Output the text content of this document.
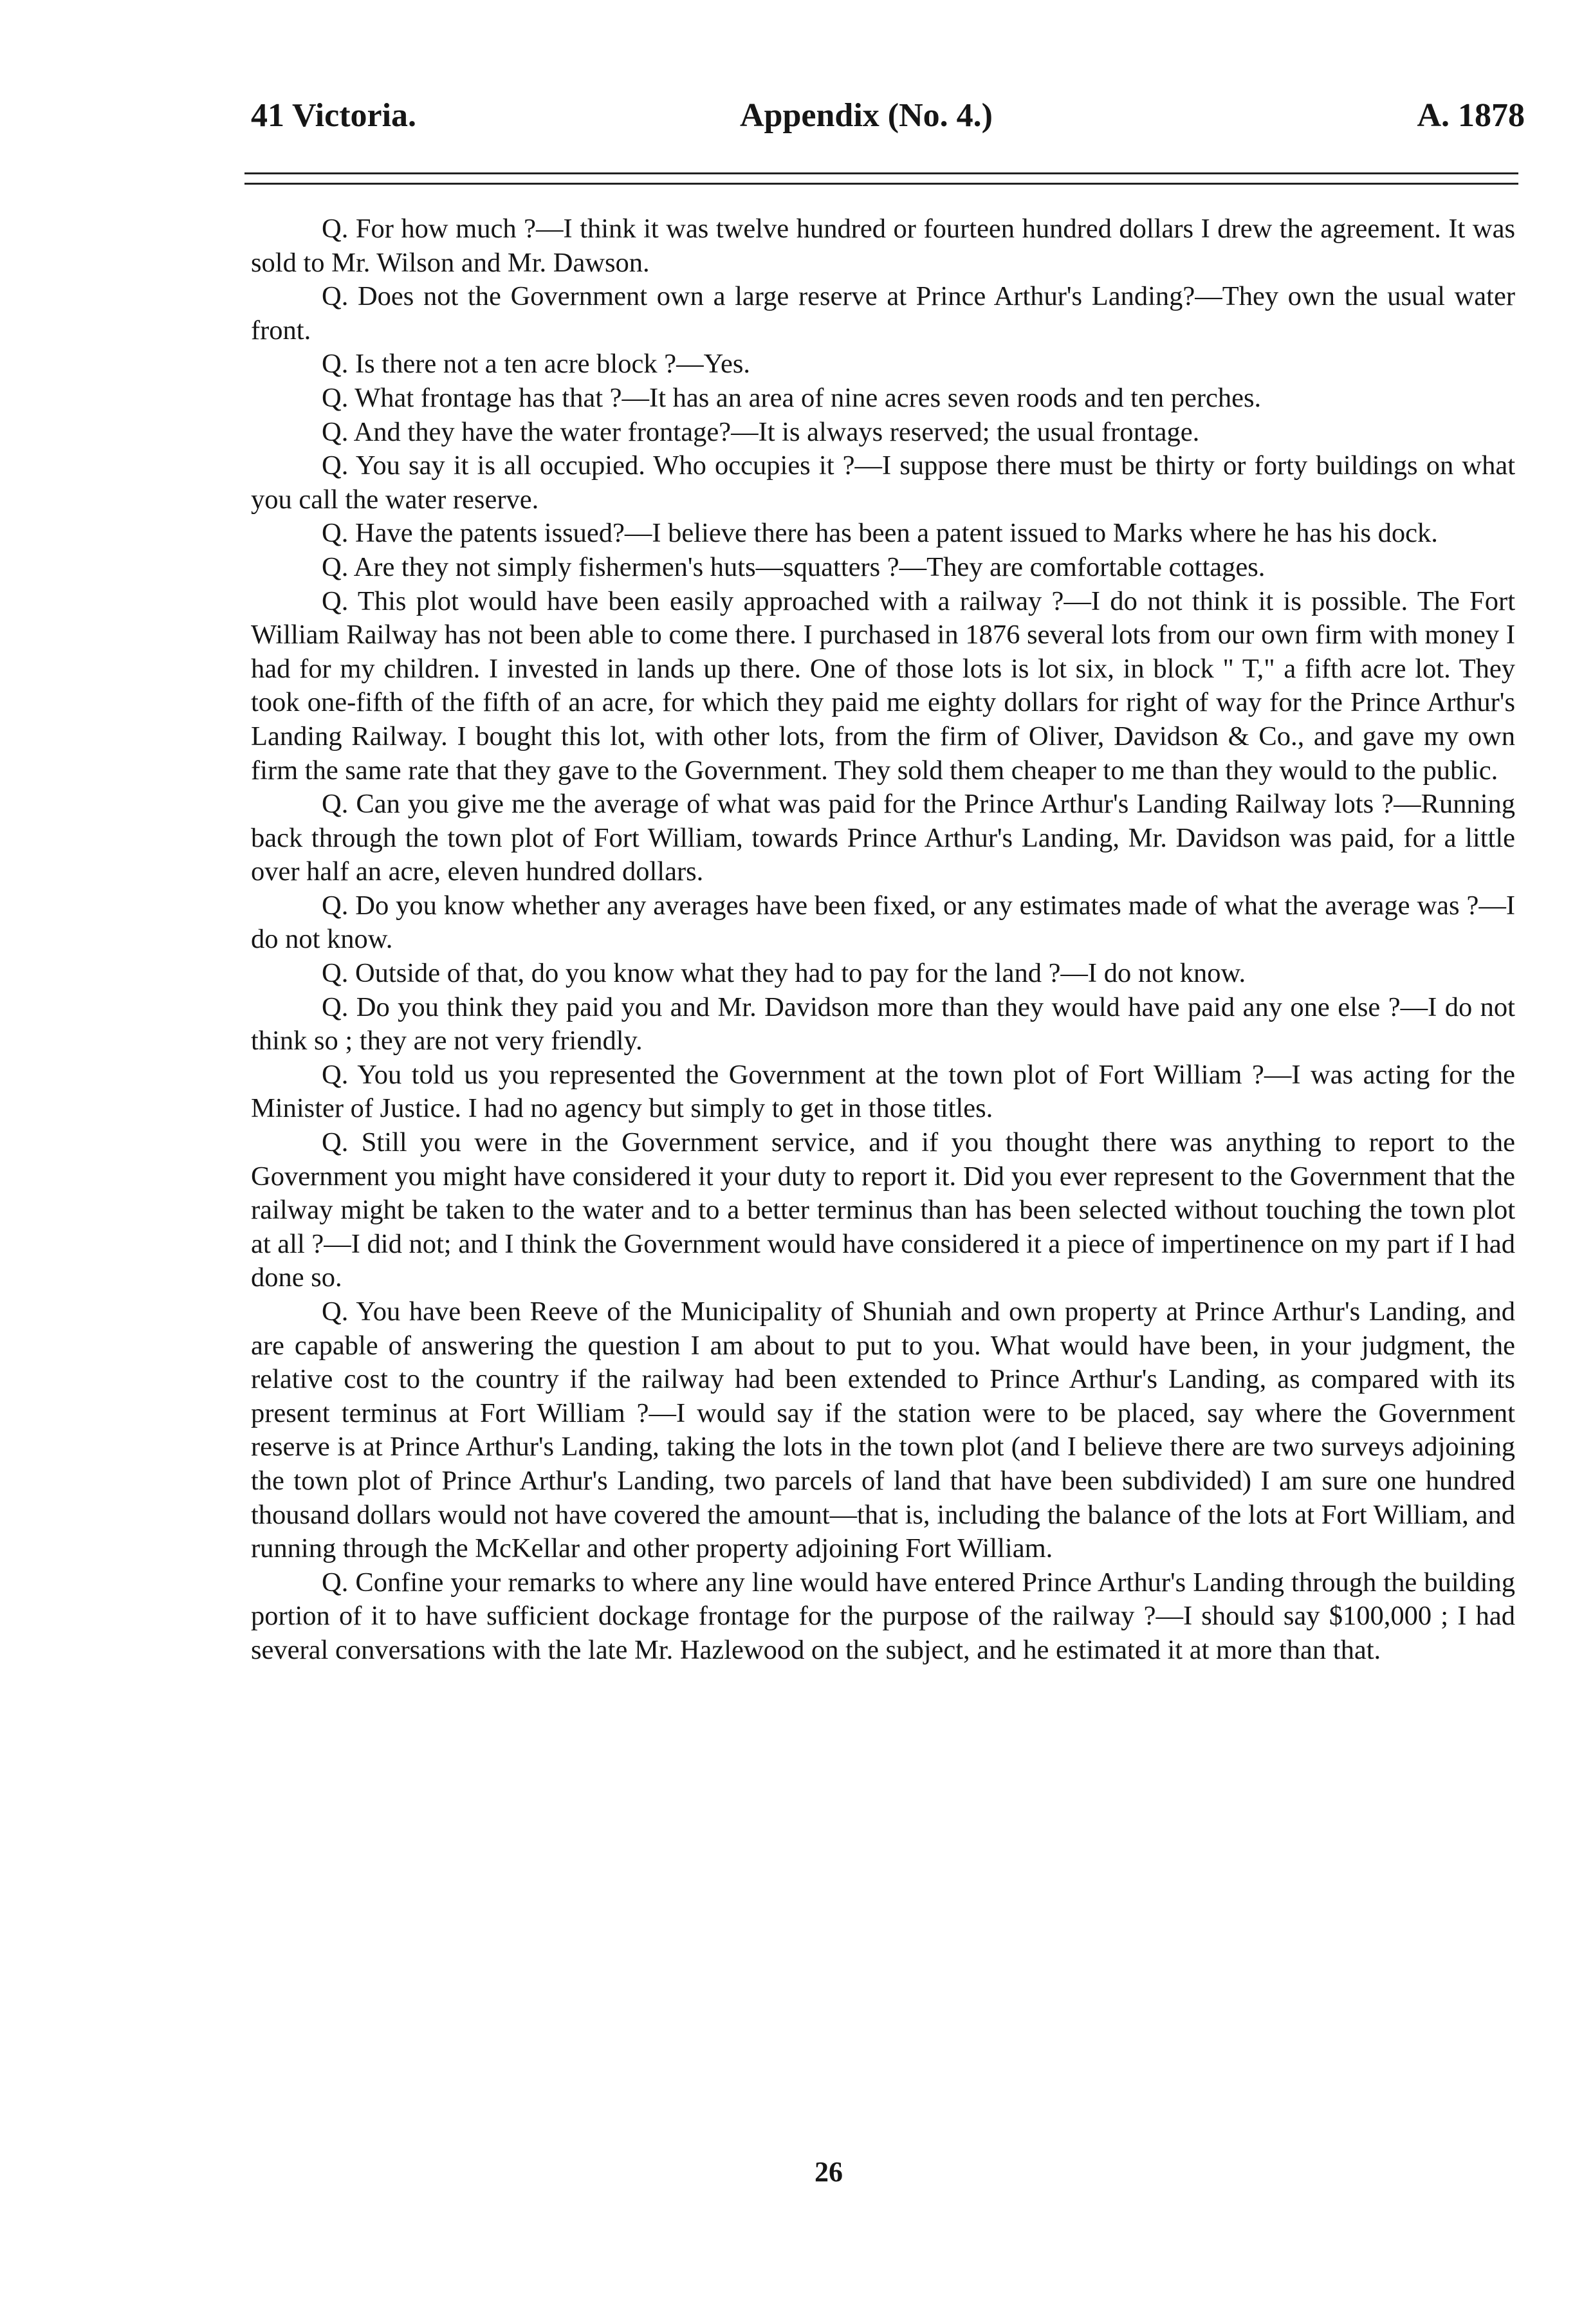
41 Victoria.	Appendix (No. 4.)	A. 1878

Q. For how much ?—I think it was twelve hundred or fourteen hundred dollars I drew the agreement. It was sold to Mr. Wilson and Mr. Dawson.

Q. Does not the Government own a large reserve at Prince Arthur's Landing?—They own the usual water front.

Q. Is there not a ten acre block ?—Yes.

Q. What frontage has that ?—It has an area of nine acres seven roods and ten perches.

Q. And they have the water frontage?—It is always reserved; the usual frontage.

Q. You say it is all occupied. Who occupies it ?—I suppose there must be thirty or forty buildings on what you call the water reserve.

Q. Have the patents issued?—I believe there has been a patent issued to Marks where he has his dock.

Q. Are they not simply fishermen's huts—squatters ?—They are comfortable cottages.

Q. This plot would have been easily approached with a railway ?—I do not think it is possible. The Fort William Railway has not been able to come there. I purchased in 1876 several lots from our own firm with money I had for my children. I invested in lands up there. One of those lots is lot six, in block " T," a fifth acre lot. They took one-fifth of the fifth of an acre, for which they paid me eighty dollars for right of way for the Prince Arthur's Landing Railway. I bought this lot, with other lots, from the firm of Oliver, Davidson & Co., and gave my own firm the same rate that they gave to the Government. They sold them cheaper to me than they would to the public.

Q. Can you give me the average of what was paid for the Prince Arthur's Landing Railway lots ?—Running back through the town plot of Fort William, towards Prince Arthur's Landing, Mr. Davidson was paid, for a little over half an acre, eleven hundred dollars.

Q. Do you know whether any averages have been fixed, or any estimates made of what the average was ?—I do not know.

Q. Outside of that, do you know what they had to pay for the land ?—I do not know.

Q. Do you think they paid you and Mr. Davidson more than they would have paid any one else ?—I do not think so ; they are not very friendly.

Q. You told us you represented the Government at the town plot of Fort William ?—I was acting for the Minister of Justice. I had no agency but simply to get in those titles.

Q. Still you were in the Government service, and if you thought there was anything to report to the Government you might have considered it your duty to report it. Did you ever represent to the Government that the railway might be taken to the water and to a better terminus than has been selected without touching the town plot at all ?—I did not; and I think the Government would have considered it a piece of impertinence on my part if I had done so.

Q. You have been Reeve of the Municipality of Shuniah and own property at Prince Arthur's Landing, and are capable of answering the question I am about to put to you. What would have been, in your judgment, the relative cost to the country if the railway had been extended to Prince Arthur's Landing, as compared with its present terminus at Fort William ?—I would say if the station were to be placed, say where the Government reserve is at Prince Arthur's Landing, taking the lots in the town plot (and I believe there are two surveys adjoining the town plot of Prince Arthur's Landing, two parcels of land that have been subdivided) I am sure one hundred thousand dollars would not have covered the amount—that is, including the balance of the lots at Fort William, and running through the McKellar and other property adjoining Fort William.

Q. Confine your remarks to where any line would have entered Prince Arthur's Landing through the building portion of it to have sufficient dockage frontage for the purpose of the railway ?—I should say $100,000 ; I had several conversations with the late Mr. Hazlewood on the subject, and he estimated it at more than that.

26
